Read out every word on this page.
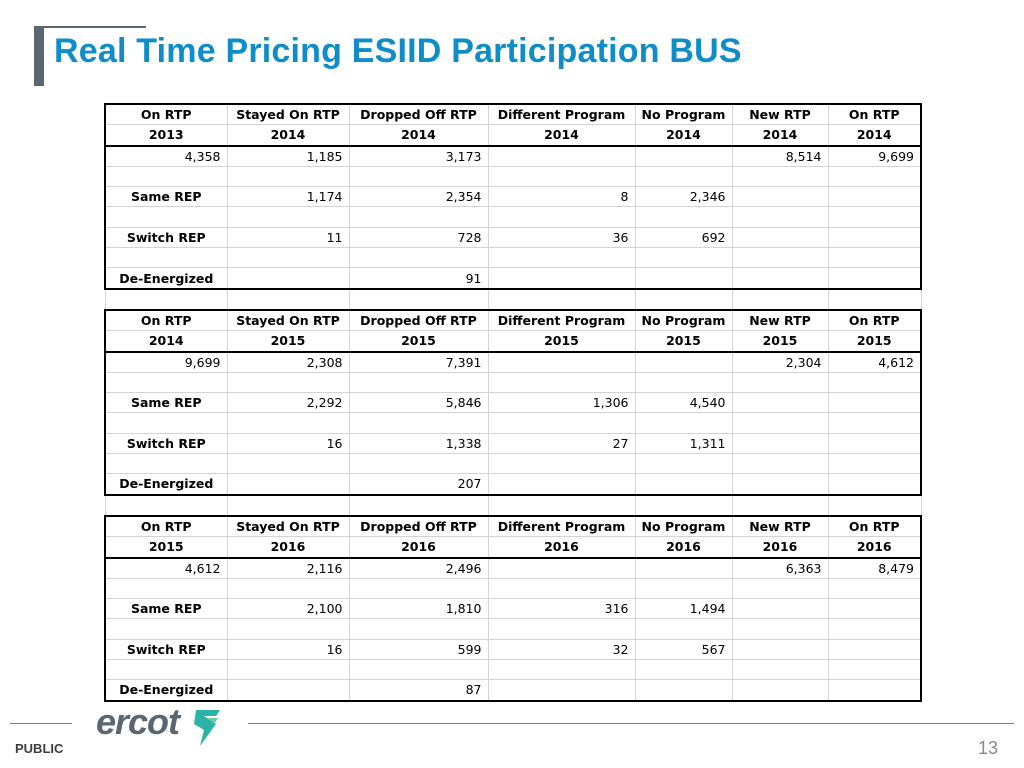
Real Time Pricing ESIID Participation BUS
On RTP	Stayed On RTP	Dropped Off RTP	Different Program	No Program	New RTP	On RTP
2013	2014	2014	2014	2014	2014	2014
4,358	1,185	3,173			8,514	9,699

Same REP	1,174	2,354	8	2,346		

Switch REP	11	728	36	692		

De-Energized		91				

On RTP	Stayed On RTP	Dropped Off RTP	Different Program	No Program	New RTP	On RTP
2014	2015	2015	2015	2015	2015	2015
9,699	2,308	7,391			2,304	4,612

Same REP	2,292	5,846	1,306	4,540		

Switch REP	16	1,338	27	1,311		

De-Energized		207				

On RTP	Stayed On RTP	Dropped Off RTP	Different Program	No Program	New RTP	On RTP
2015	2016	2016	2016	2016	2016	2016
4,612	2,116	2,496			6,363	8,479

Same REP	2,100	1,810	316	1,494		

Switch REP	16	599	32	567		

De-Energized		87				
ercot
PUBLIC	13
